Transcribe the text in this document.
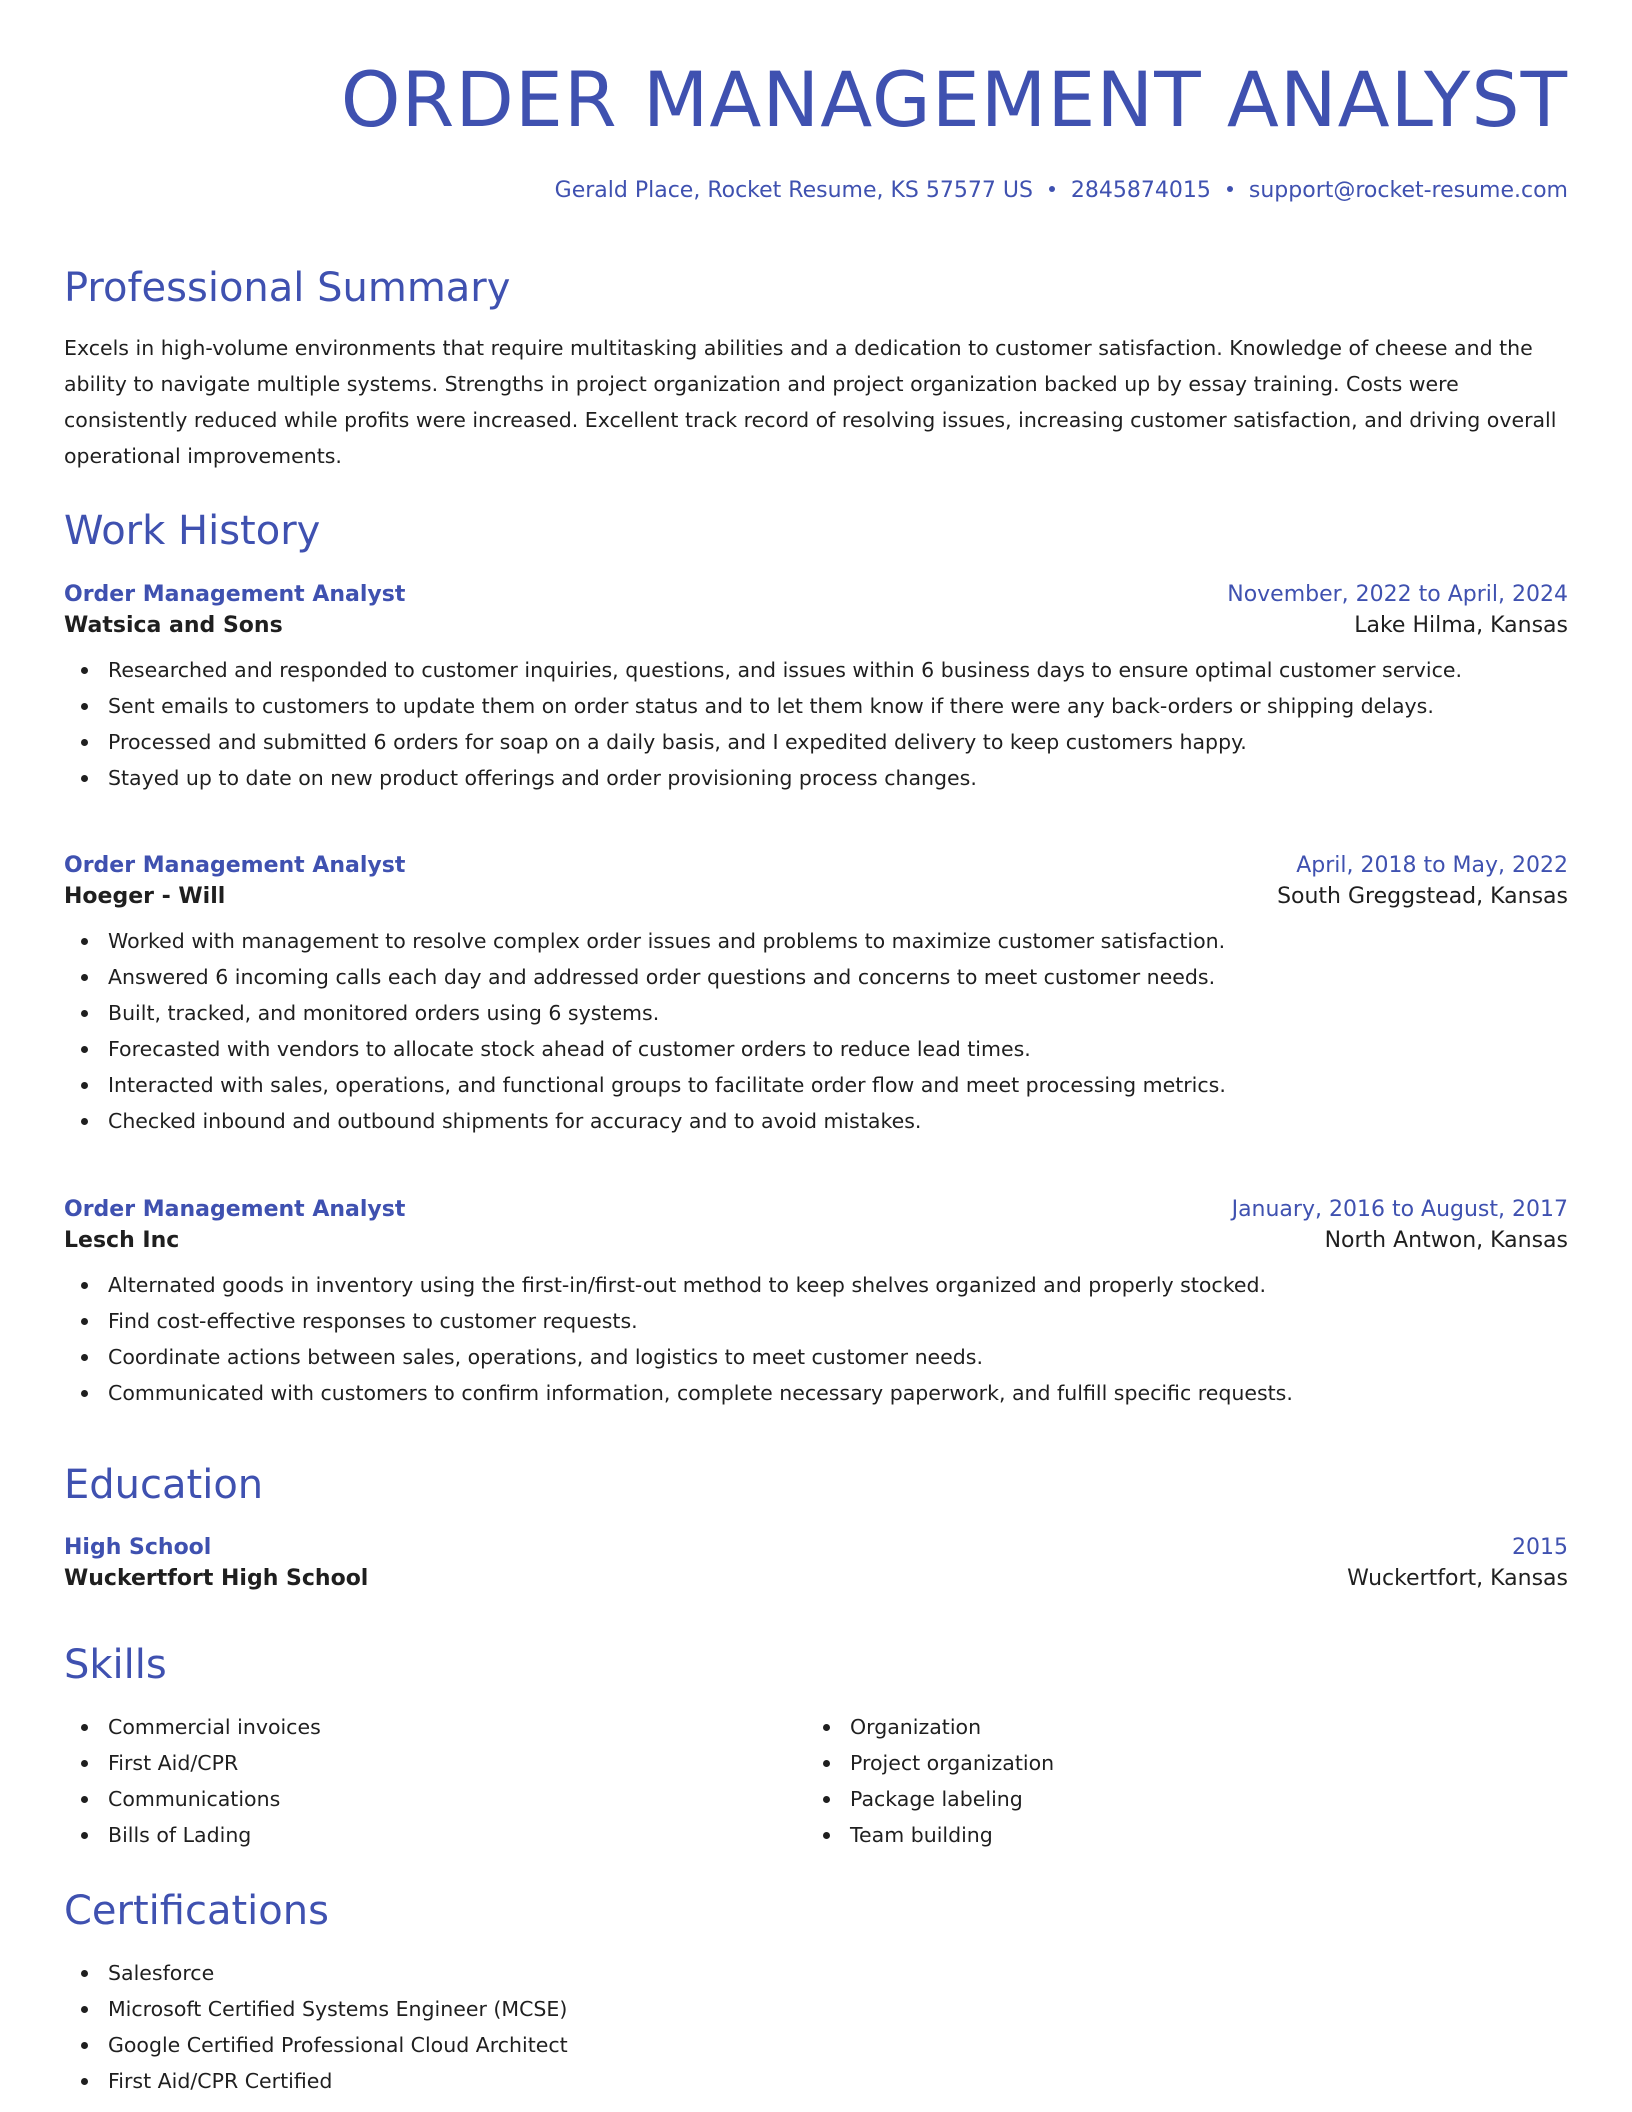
ORDER MANAGEMENT ANALYST
Gerald Place, Rocket Resume, KS 57577 US 2845874015 support@rocket-resume.com
Professional Summary

Excels in high-volume environments that require multitasking abilities and a dedication to customer satisfaction. Knowledge of cheese and the ability to navigate multiple systems. Strengths in project organization and project organization backed up by essay training. Costs were consistently reduced while profits were increased. Excellent track record of resolving issues, increasing customer satisfaction, and driving overall operational improvements.

Work History
Order Management Analyst	November, 2022 to April, 2024
Watsica and Sons	Lake Hilma, Kansas
Researched and responded to customer inquiries, questions, and issues within 6 business days to ensure optimal customer service.
Sent emails to customers to update them on order status and to let them know if there were any back-orders or shipping delays.
Processed and submitted 6 orders for soap on a daily basis, and I expedited delivery to keep customers happy.
Stayed up to date on new product offerings and order provisioning process changes.
Order Management Analyst	April, 2018 to May, 2022
Hoeger - Will	South Greggstead, Kansas
Worked with management to resolve complex order issues and problems to maximize customer satisfaction.
Answered 6 incoming calls each day and addressed order questions and concerns to meet customer needs.
Built, tracked, and monitored orders using 6 systems.
Forecasted with vendors to allocate stock ahead of customer orders to reduce lead times.
Interacted with sales, operations, and functional groups to facilitate order flow and meet processing metrics.
Checked inbound and outbound shipments for accuracy and to avoid mistakes.
Order Management Analyst	January, 2016 to August, 2017
Lesch Inc	North Antwon, Kansas
Alternated goods in inventory using the first-in/first-out method to keep shelves organized and properly stocked.
Find cost-effective responses to customer requests.
Coordinate actions between sales, operations, and logistics to meet customer needs.
Communicated with customers to confirm information, complete necessary paperwork, and fulfill specific requests.
Education
High School	2015
Wuckertfort High School	Wuckertfort, Kansas
Skills
Commercial invoices
First Aid/CPR
Communications
Bills of Lading
Organization
Project organization
Package labeling
Team building
Certifications
Salesforce
Microsoft Certified Systems Engineer (MCSE)
Google Certified Professional Cloud Architect
First Aid/CPR Certified
